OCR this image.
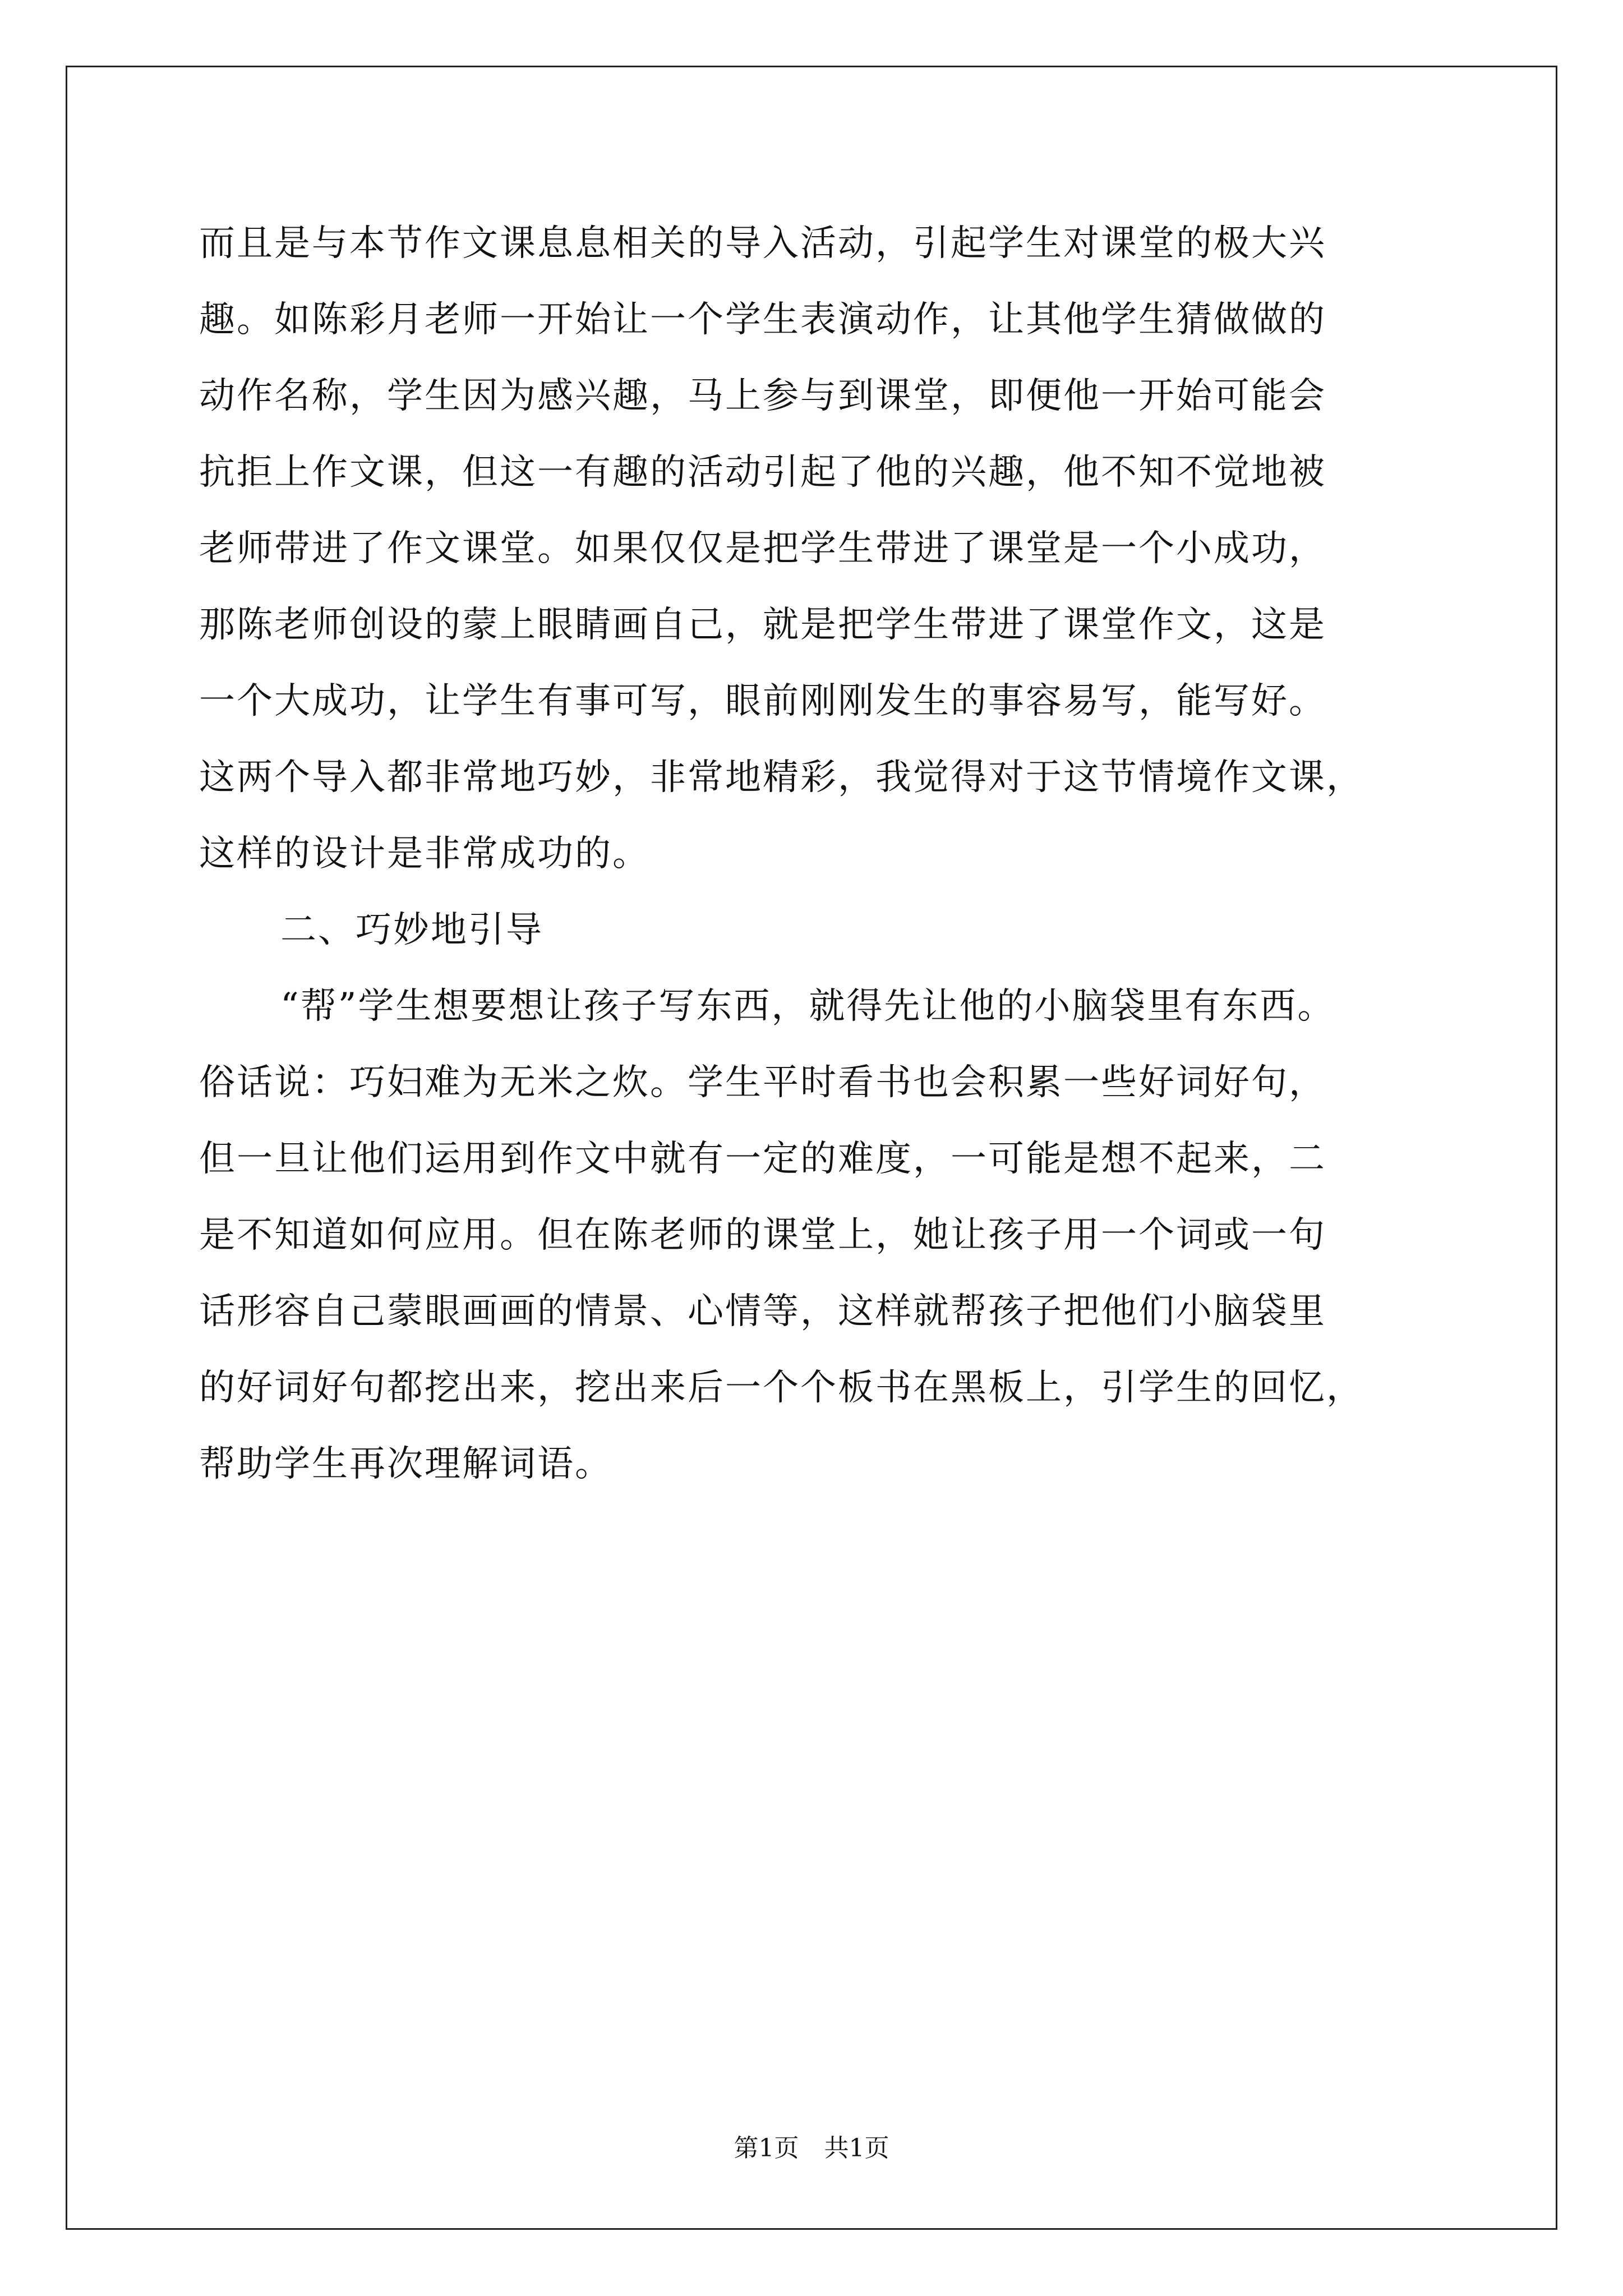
而且是与本节作文课息息相关的导入活动，引起学生对课堂的极大兴
趣。如陈彩月老师一开始让一个学生表演动作，让其他学生猜做做的
动作名称，学生因为感兴趣，马上参与到课堂，即便他一开始可能会
抗拒上作文课，但这一有趣的活动引起了他的兴趣，他不知不觉地被
老师带进了作文课堂。如果仅仅是把学生带进了课堂是一个小成功，
那陈老师创设的蒙上眼睛画自己，就是把学生带进了课堂作文，这是
一个大成功，让学生有事可写，眼前刚刚发生的事容易写，能写好。
这两个导入都非常地巧妙，非常地精彩，我觉得对于这节情境作文课，
这样的设计是非常成功的。
二、巧妙地引导
“帮”学生想要想让孩子写东西，就得先让他的小脑袋里有东西。
俗话说：巧妇难为无米之炊。学生平时看书也会积累一些好词好句，
但一旦让他们运用到作文中就有一定的难度，一可能是想不起来，二
是不知道如何应用。但在陈老师的课堂上，她让孩子用一个词或一句
话形容自己蒙眼画画的情景、心情等，这样就帮孩子把他们小脑袋里
的好词好句都挖出来，挖出来后一个个板书在黑板上，引学生的回忆，
帮助学生再次理解词语。
第1页 共1页
